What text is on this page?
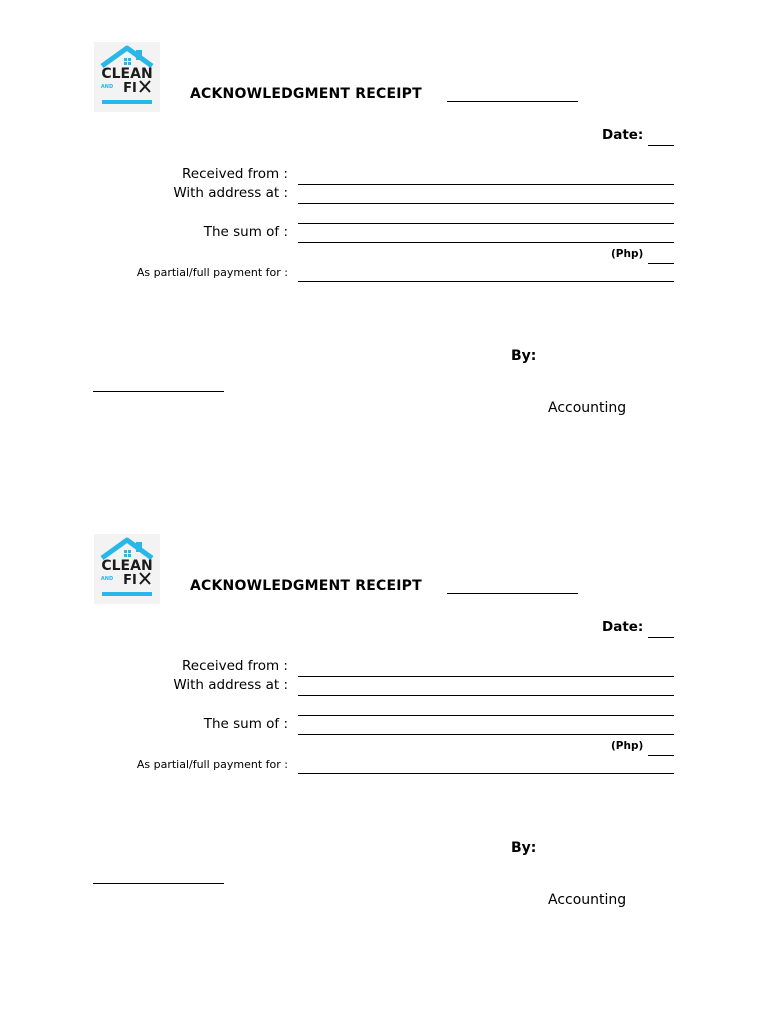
CLEAN
AND FI	ACKNOWLEDGMENT RECEIPT
Date:
Received from :
With address at :
The sum of :
(Php)
As partial/full payment for :
By:
Accounting
CLEAN
AND FI	ACKNOWLEDGMENT RECEIPT
Date:
Received from :
With address at :
The sum of :
(Php)
As partial/full payment for :
By:
Accounting
